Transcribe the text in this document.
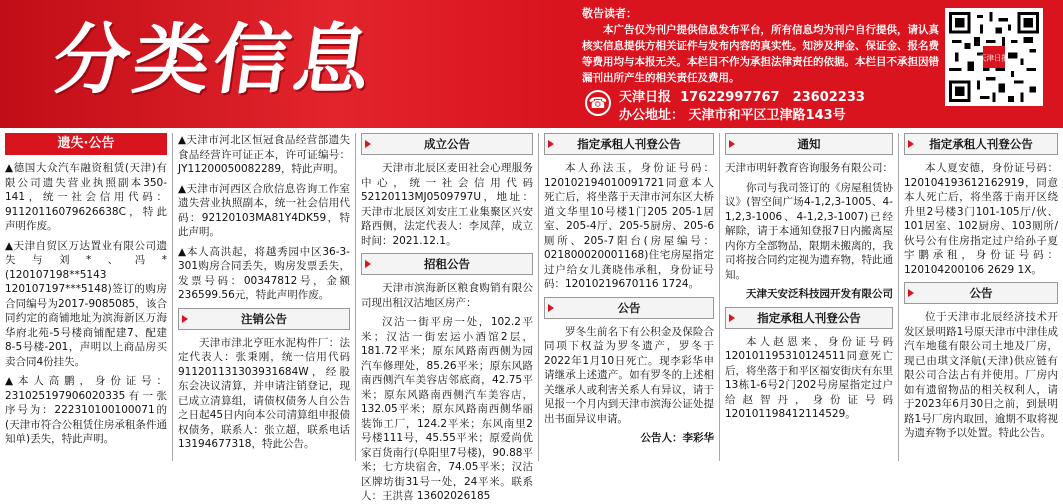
分类信息
敬告读者：
本广告仅为刊户提供信息发布平台，所有信息均为刊户自行提供，请认真核实信息提供方相关证件与发布内容的真实性。知涉及押金、保证金、报名费等费用均与本报无关。本栏目不作为承担法律责任的依据。本栏目不承担因错漏刊出所产生的相关责任及费用。
☎ 天津日报 17622997767　23602233
办公地址： 天津市和平区卫津路143号
天津日报
遗失·公告

▲德国大众汽车融资租赁(天津)有限公司遗失营业执照副本350-141，统一社会信用代码：91120116079626638C，特此声明作废。

▲天津自贸区万达置业有限公司遗失与刘*、冯*(120107198**5143 120107197***5148)签订的购房合同编号为2017-9085085，该合同约定的商铺地址为滨海新区万海华府北苑-5号楼商铺配建7、配建8-5号楼-201，声明以上商品房买卖合同4份挂失。

▲本人高鹏，身份证号：231025197906020335有一张序号为：222310100100071的(天津市符合公租赁住房承租条件通知单)丢失，特此声明。

▲天津市河北区恒冠食品经营部遗失食品经营许可证正本，许可证编号：JY11200050082289，特此声明。

▲天津市河西区合欣信息咨询工作室遗失营业执照副本，统一社会信用代码：92120103MA81Y4DK59，特此声明。

▲本人高洪起，将越秀园中区36-3-301购房合同丢失，购房发票丢失，发票号码：00347812号，金额236599.56元，特此声明作废。

注销公告

天津市津北亨旺水泥构件厂：法定代表人：张秉刚，统一信用代码911201131303931684W，经股东会决议清算，并申请注销登记，现已成立清算组，请债权债务人自公告之日起45日内向本公司清算组申报债权债务，联系人：张立超，联系电话13194677318，特此公告。

成立公告

天津市北辰区麦田社会心理服务中心，统一社会信用代码52120113MJ0509797U，地址：天津市北辰区刘安庄工业集聚区兴安路西侧，法定代表人：李凤萍，成立时间：2021.12.1。

招租公告

天津市滨海新区粮食购销有限公司现出租汉沽地区房产：

汉沽一街平房一处，102.2平米；汉沽一街宏运小酒馆2层，181.72平米；原东风路南西侧为园汽车修理处，85.26平米；原东风路南西侧汽车美容店邻底商，42.75平米；原东风路南西侧汽车美容店，132.05平米；原东风路南西侧华丽装饰工厂，124.2平米；东风南里2号楼111号，45.55平米；原爱尚优家百货南行(阜阳里7号楼)，90.88平米；七方块宿舍，74.05平米；汉沽区牌坊街31号一处，24平米。联系人：王洪喜 13602026185

指定承租人刊登公告

本人孙法玉，身份证号码：120102194010091721同意本人死亡后，将坐落于天津市河东区大桥道文华里10号楼1门205 205-1居室、205-4厅、205-5厨房、205-6厕所、205-7阳台(房屋编号：021800020001168)住宅房屋指定过户给女儿龚晓伟承租，身份证号码：12010219670116 1724。

公告

罗冬生前名下有公积金及保险合同项下权益为罗冬遗产，罗冬于2022年1月10日死亡。现李彩华申请继承上述遗产。如有罗冬的上述相关继承人或利害关系人有异议，请于见报一个月内到天津市滨海公证处提出书面异议申请。

公告人：李彩华

通知

天津市明轩教育咨询服务有限公司：

你司与我司签订的《房屋租赁协议》(智空间广场4-1,2,3-1005、4-1,2,3-1006、4-1,2,3-1007)已经解除，请于本通知登报7日内搬离屋内你方全部物品，限期未搬离的，我司将按合同约定视为遗弃物，特此通知。

天津天安泛科技园开发有限公司

指定承租人刊登公告

本人赵恩来，身份证号码120101195310124511同意死亡后，将坐落于和平区福安街庆有东里13栋1-6号2门202号房屋指定过户给赵智丹，身份证号码120101198412114529。

指定承租人刊登公告

本人夏安德，身份证号码：120104193612162919，同意本人死亡后，将坐落于南开区绕升里2号楼3门101-105厅/伙、101居室、102厨房、103厕所/伙号公有住房指定过户给孙子夏宇鹏承租，身份证号码：120104200106 2629 1X。

公告

位于天津市北辰经济技术开发区景明路1号原天津市中津佳成汽车地毯有限公司土地及厂房，现已由琪文泽航(天津)供应链有限公司合法占有并使用。厂房内如有遗留物品的相关权利人，请于2023年6月30日之前，到景明路1号厂房内取回，逾期不取将视为遗弃物予以处置。特此公告。
